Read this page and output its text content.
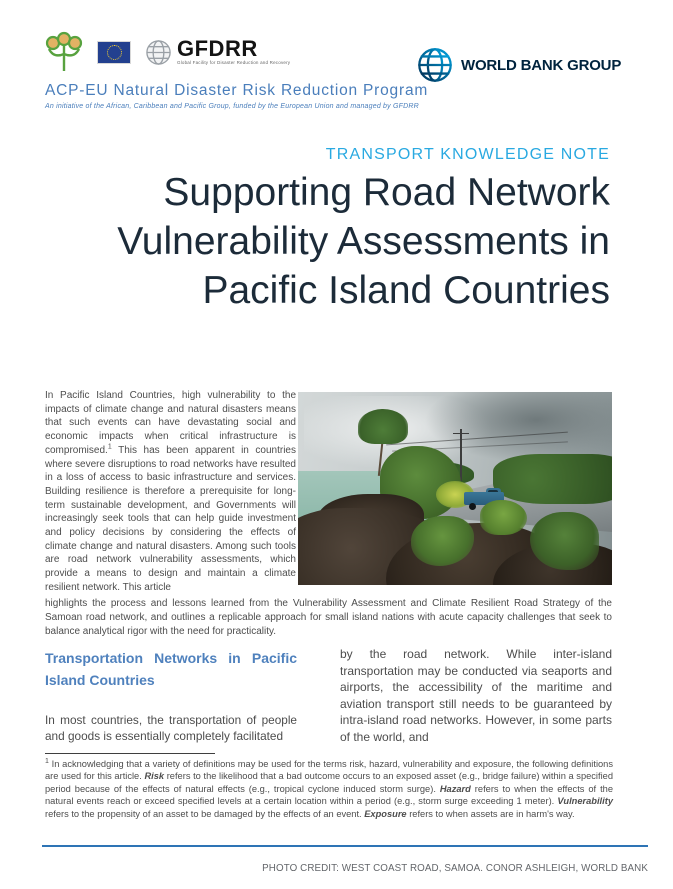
GFDRR
Global Facility for Disaster Reduction and Recovery
ACP-EU Natural Disaster Risk Reduction Program
An initiative of the African, Caribbean and Pacific Group, funded by the European Union and managed by GFDRR
WORLD BANK GROUP
TRANSPORT KNOWLEDGE NOTE
Supporting Road Network
Vulnerability Assessments in
Pacific Island Countries
In Pacific Island Countries, high vulnerability to the impacts of climate change and natural disasters means that such events can have devastating social and economic impacts when critical infrastructure is compromised.$^1$ This has been apparent in countries where severe disruptions to road networks have resulted in a loss of access to basic infrastructure and services. Building resilience is therefore a prerequisite for long-term sustainable development, and Governments will increasingly seek tools that can help guide investment and policy decisions by considering the effects of climate change and natural disasters. Among such tools are road network vulnerability assessments, which provide a means to design and maintain a climate resilient network. This article
highlights the process and lessons learned from the Vulnerability Assessment and Climate Resilient Road Strategy of the Samoan road network, and outlines a replicable approach for small island nations with acute capacity challenges that seek to balance analytical rigor with the need for practicality.
Transportation Networks in Pacific Island Countries
In most countries, the transportation of people and goods is essentially completely facilitated
by the road network. While inter-island transportation may be conducted via seaports and airports, the accessibility of the maritime and aviation transport still needs to be guaranteed by intra-island road networks. However, in some parts of the world, and
$^1$ In acknowledging that a variety of definitions may be used for the terms risk, hazard, vulnerability and exposure, the following definitions are used for this article. Risk refers to the likelihood that a bad outcome occurs to an exposed asset (e.g., bridge failure) within a specified period because of the effects of natural effects (e.g., tropical cyclone induced storm surge). Hazard refers to when the effects of the natural events reach or exceed specified levels at a certain location within a period (e.g., storm surge exceeding 1 meter). Vulnerability refers to the propensity of an asset to be damaged by the effects of an event. Exposure refers to when assets are in harm's way.
PHOTO CREDIT: WEST COAST ROAD, SAMOA. CONOR ASHLEIGH, WORLD BANK
